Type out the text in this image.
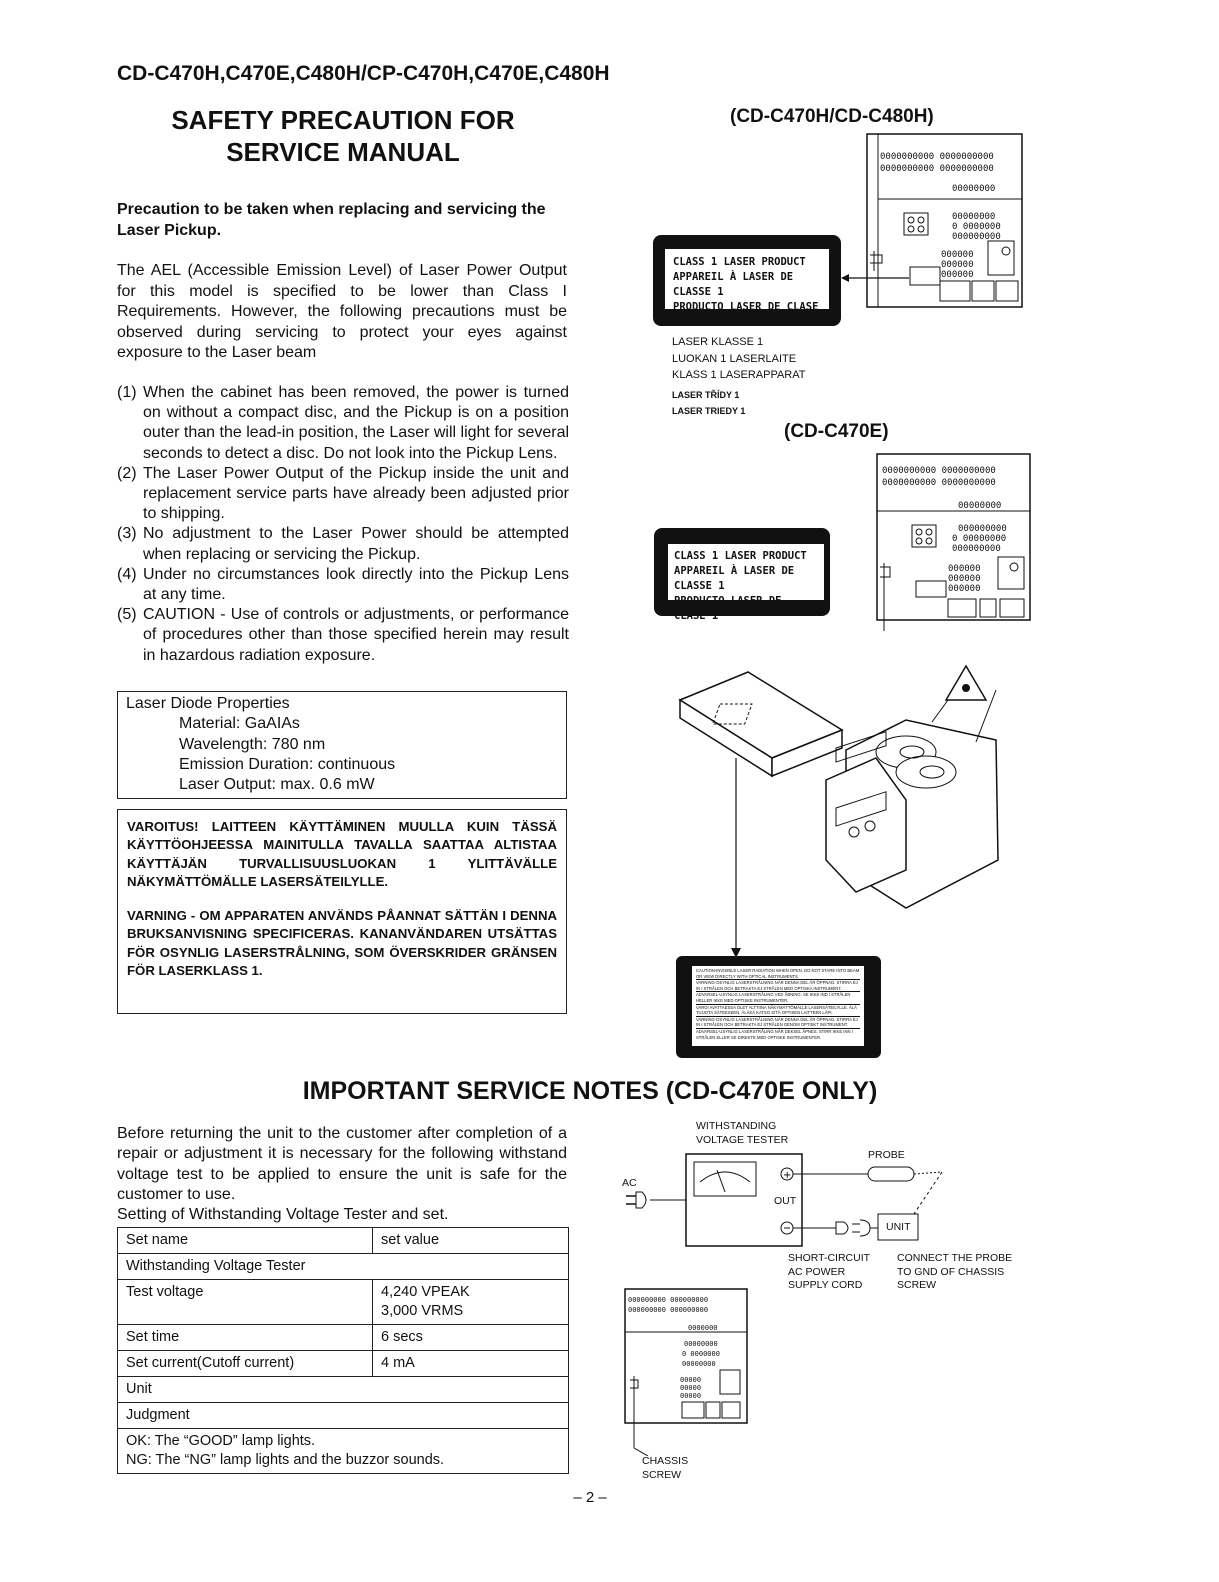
CD-C470H,C470E,C480H/CP-C470H,C470E,C480H
SAFETY PRECAUTION FOR
SERVICE MANUAL
Precaution to be taken when replacing and servicing the Laser Pickup.
The AEL (Accessible Emission Level) of Laser Power Output for this model is specified to be lower than Class I Requirements. However, the following precautions must be observed during servicing to protect your eyes against exposure to the Laser beam
(1) When the cabinet has been removed, the power is turned on without a compact disc, and the Pickup is on a position outer than the lead-in position, the Laser will light for several seconds to detect a disc. Do not look into the Pickup Lens.
(2) The Laser Power Output of the Pickup inside the unit and replacement service parts have already been adjusted prior to shipping.
(3) No adjustment to the Laser Power should be attempted when replacing or servicing the Pickup.
(4) Under no circumstances look directly into the Pickup Lens at any time.
(5) CAUTION - Use of controls or adjustments, or performance of procedures other than those specified herein may result in hazardous radiation exposure.
Laser Diode Properties
Material: GaAIAs
Wavelength: 780 nm
Emission Duration: continuous
Laser Output: max. 0.6 mW

VAROITUS! LAITTEEN KÄYTTÄMINEN MUULLA KUIN TÄSSÄ KÄYTTÖOHJEESSA MAINITULLA TAVALLA SAATTAA ALTISTAA KÄYTTÄJÄN TURVALLISUUSLUOKAN 1 YLITTÄVÄLLE NÄKYMÄTTÖMÄLLE LASERSÄTEILYLLE.

VARNING - OM APPARATEN ANVÄNDS PÅANNAT SÄTTÄN I DENNA BRUKSANVISNING SPECIFICERAS. KANANVÄNDAREN UTSÄTTAS FÖR OSYNLIG LASERSTRÅLNING, SOM ÖVERSKRIDER GRÄNSEN FÖR LASERKLASS 1.

(CD-C470H/CD-C480H)
0000000000 0000000000
0000000000 0000000000
00000000
00000000
0 0000000
000000000
000000
000000
000000
CLASS 1 LASER PRODUCT
APPAREIL À LASER DE CLASSE 1
PRODUCTO LASER DE CLASE 1
LASER KLASSE 1
LUOKAN 1 LASERLAITE
KLASS 1 LASERAPPARAT
LASER TŘÍDY 1
LASER TRIEDY 1
(CD-C470E)
0000000000 0000000000
0000000000 0000000000
00000000
000000000
0 00000000
000000000
000000
000000
000000
CLASS 1 LASER PRODUCT
APPAREIL À LASER DE CLASSE 1
PRODUCTO LASER DE CLASE 1
CAUTION-INVISIBLE LASER RADIATION WHEN OPEN. DO NOT STARE INTO BEAM OR VIEW DIRECTLY WITH OPTICAL INSTRUMENTS.
VARNING-OSYNLIG LASERSTRÅLNING NÄR DENNA DEL ÄR ÖPPNAD. STIRRA EJ IN I STRÅLEN OCH BETRAKTA EJ STRÅLEN MED OPTISKA INSTRUMENT.
ADVARSEL-USYNLIG LASERSTRÅLING VED ÅBNING. SE IKKE IND I STRÅLEN HELLER IKKE MED OPTISKE INSTRUMENTER.
VARO! AVATTAESSA OLET ALTTIINA NÄKYMÄTTÖMÄLLE LASERSÄTEILYLLE. ÄLÄ TUIJOTA SÄTEESEEN, ÄLÄKÄ KATSO SITÄ OPTISEN LAITTEEN LÄPI.
VARNING-OSYNLIG LASERSTRÅLNING NÄR DENNA DEL ÄR ÖPPNAD. STIRRA EJ IN I STRÅLEN OCH BETRAKTA EJ STRÅLEN GENOM OPTISKT INSTRUMENT.
ADVARSEL-USYNLIG LASERSTRÅLING NÅR DEKSEL ÅPNES. STIRR IKKE INN I STRÅLEN ELLER SE DIREKTE MED OPTISKE INSTRUMENTER.
IMPORTANT SERVICE NOTES (CD-C470E ONLY)
Before returning the unit to the customer after completion of a repair or adjustment it is necessary for the following withstand voltage test to be applied to ensure the unit is safe for the customer to use.
Setting of Withstanding Voltage Tester and set.
Set name	set value
Withstanding Voltage Tester	
Test voltage	4,240 VPEAK
3,000 VRMS

Set time	6 secs
Set current(Cutoff current)	4 mA
Unit	
Judgment	

OK: The “GOOD” lamp lights.
NG: The “NG” lamp lights and the buzzor sounds.	
WITHSTANDING
VOLTAGE TESTER
+
PROBE
AC
OUT
UNIT
SHORT-CIRCUIT
AC POWER
SUPPLY CORD
CONNECT THE PROBE
TO GND OF CHASSIS
SCREW
000000000 000000000
000000000 000000000
0000000
00000000
0 0000000
00000000
00000
00000
00000
CHASSIS
SCREW
– 2 –
